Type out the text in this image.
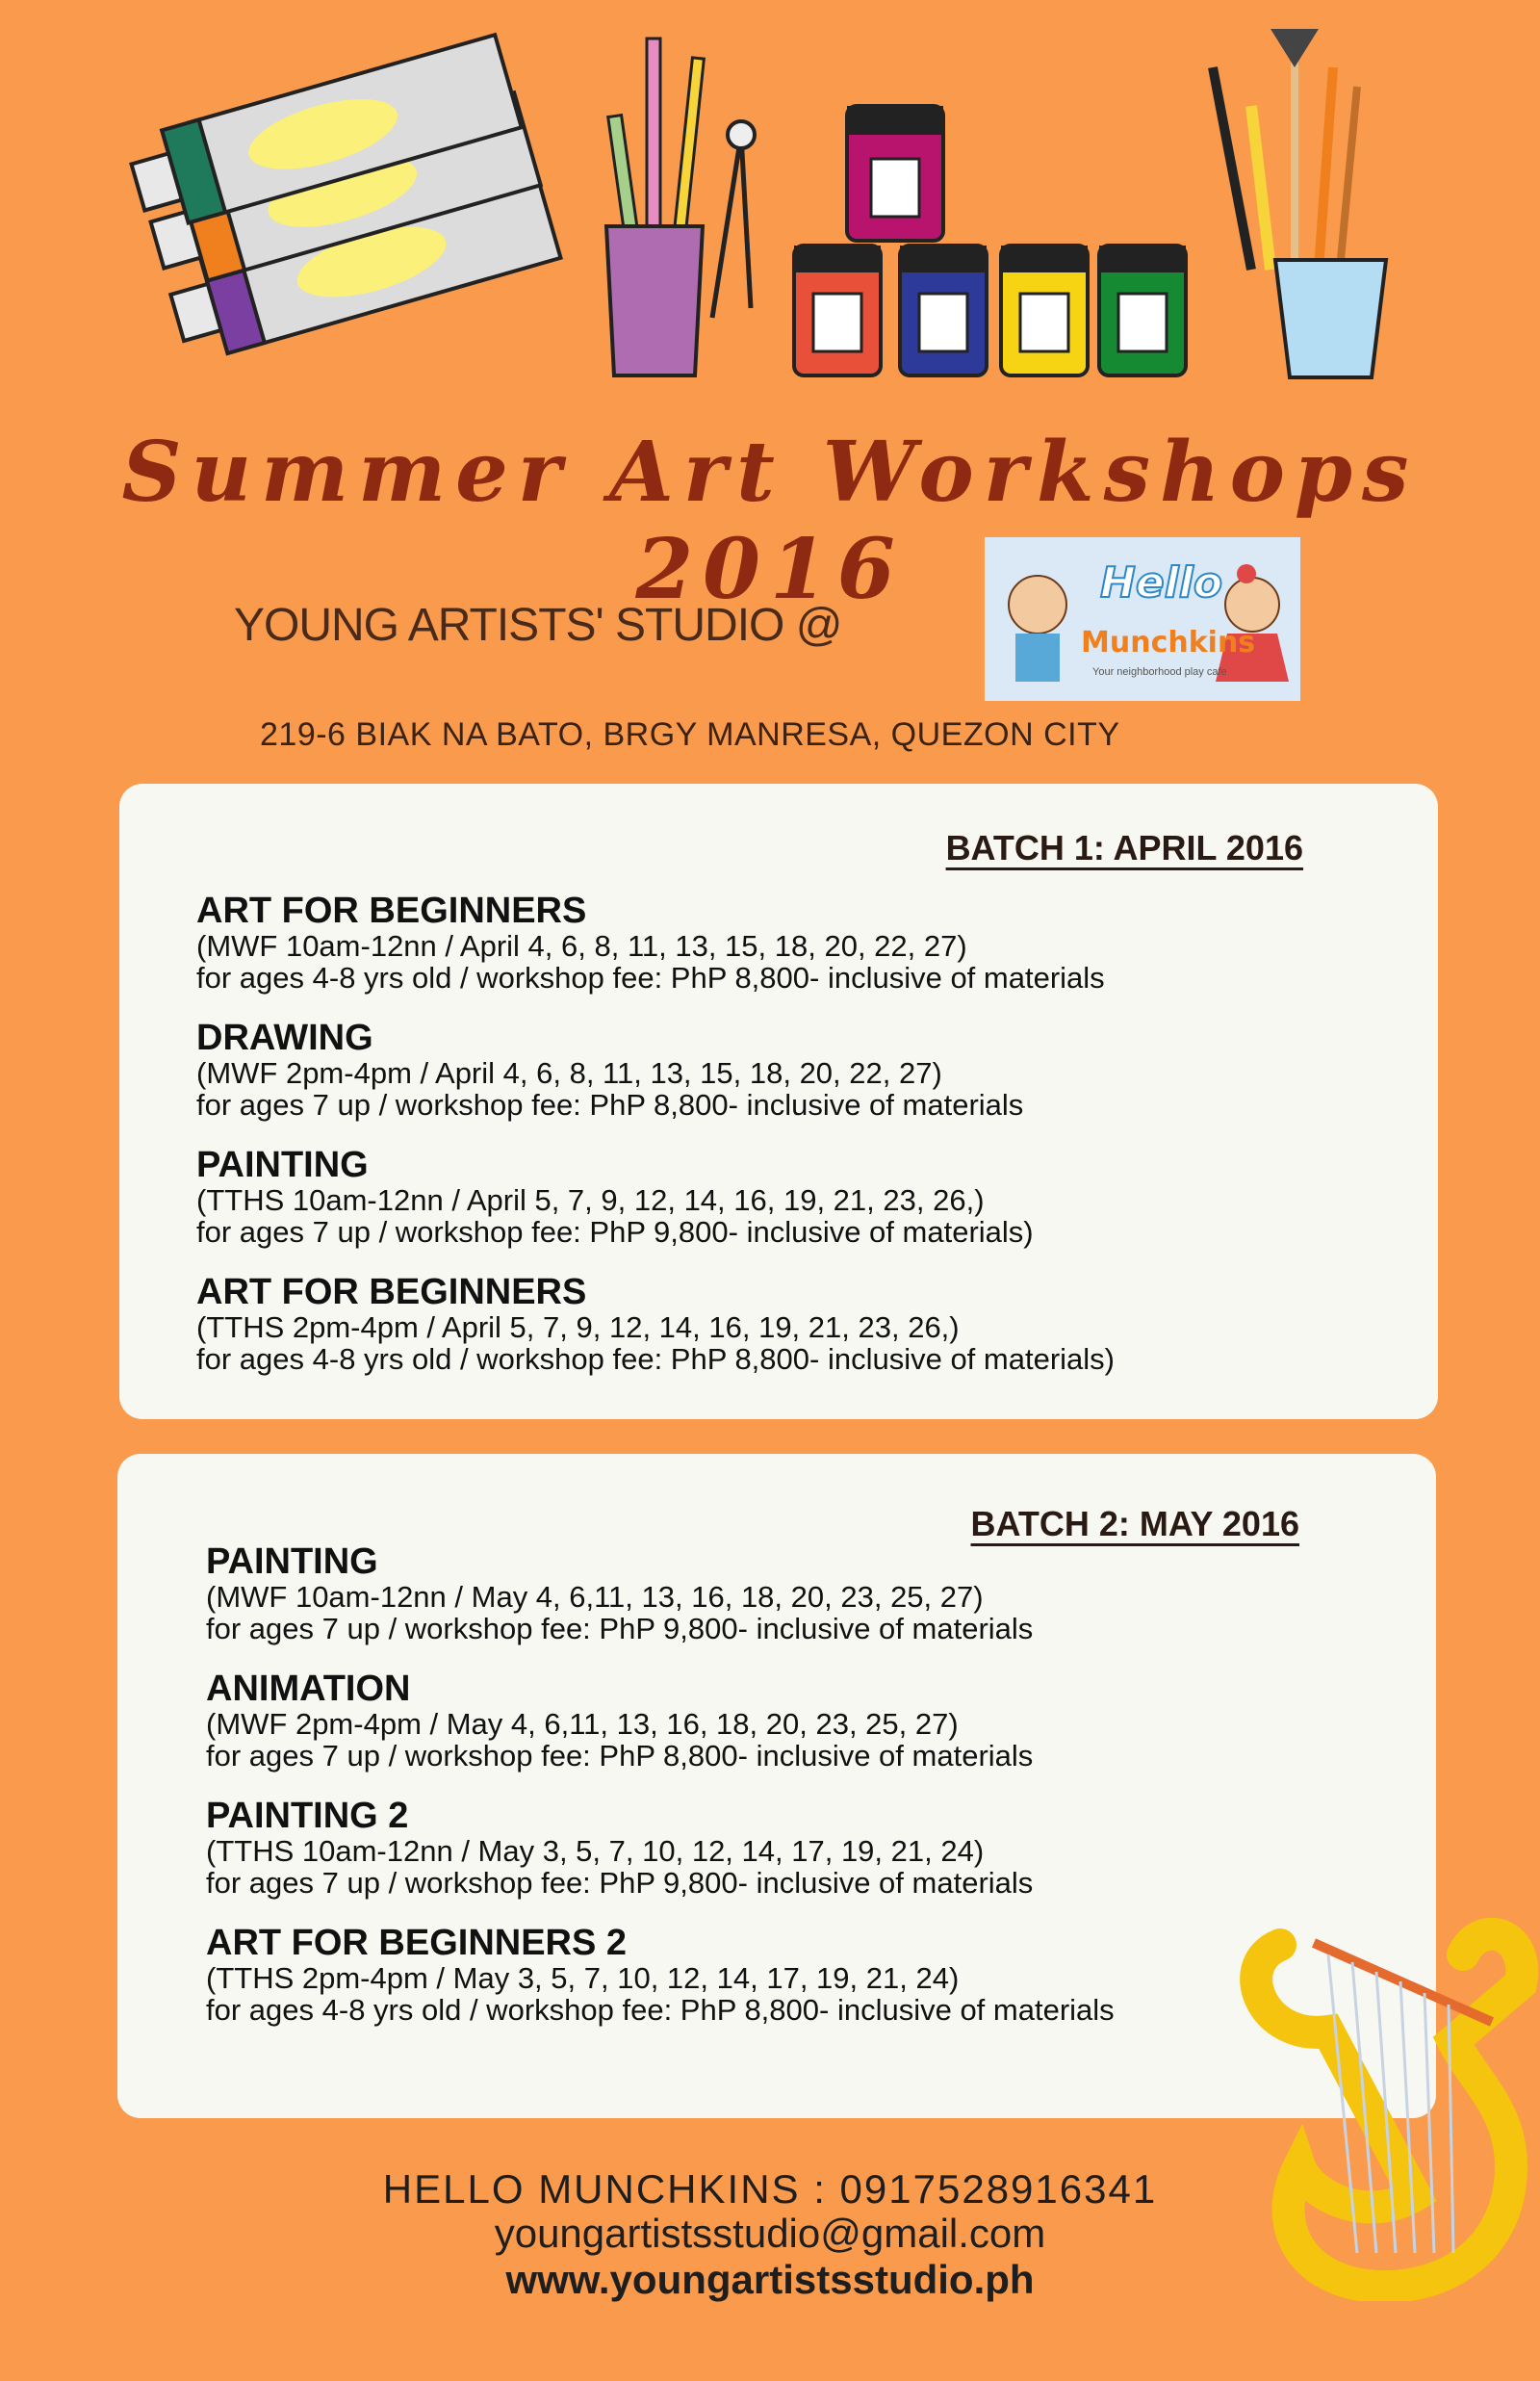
Summer Art Workshops 2016
YOUNG ARTISTS' STUDIO @
Hello
Munchkins
Your neighborhood play cafe
219-6 BIAK NA BATO, BRGY MANRESA, QUEZON CITY
BATCH 1: APRIL 2016
ART FOR BEGINNERS
(MWF 10am-12nn / April 4, 6, 8, 11, 13, 15, 18, 20, 22, 27)
for ages 4-8 yrs old / workshop fee: PhP 8,800- inclusive of materials
DRAWING
(MWF 2pm-4pm / April 4, 6, 8, 11, 13, 15, 18, 20, 22, 27)
for ages 7 up / workshop fee: PhP 8,800- inclusive of materials
PAINTING
(TTHS 10am-12nn / April 5, 7, 9, 12, 14, 16, 19, 21, 23, 26,)
for ages 7 up / workshop fee: PhP 9,800- inclusive of materials)
ART FOR BEGINNERS
(TTHS 2pm-4pm / April 5, 7, 9, 12, 14, 16, 19, 21, 23, 26,)
for ages 4-8 yrs old / workshop fee: PhP 8,800- inclusive of materials)
BATCH 2: MAY 2016
PAINTING
(MWF 10am-12nn / May 4, 6,11, 13, 16, 18, 20, 23, 25, 27)
for ages 7 up / workshop fee: PhP 9,800- inclusive of materials
ANIMATION
(MWF 2pm-4pm / May 4, 6,11, 13, 16, 18, 20, 23, 25, 27)
for ages 7 up / workshop fee: PhP 8,800- inclusive of materials
PAINTING 2
(TTHS 10am-12nn / May 3, 5, 7, 10, 12, 14, 17, 19, 21, 24)
for ages 7 up / workshop fee: PhP 9,800- inclusive of materials
ART FOR BEGINNERS 2
(TTHS 2pm-4pm / May 3, 5, 7, 10, 12, 14, 17, 19, 21, 24)
for ages 4-8 yrs old / workshop fee: PhP 8,800- inclusive of materials
HELLO MUNCHKINS : 0917528916341
youngartistsstudio@gmail.com
www.youngartistsstudio.ph
